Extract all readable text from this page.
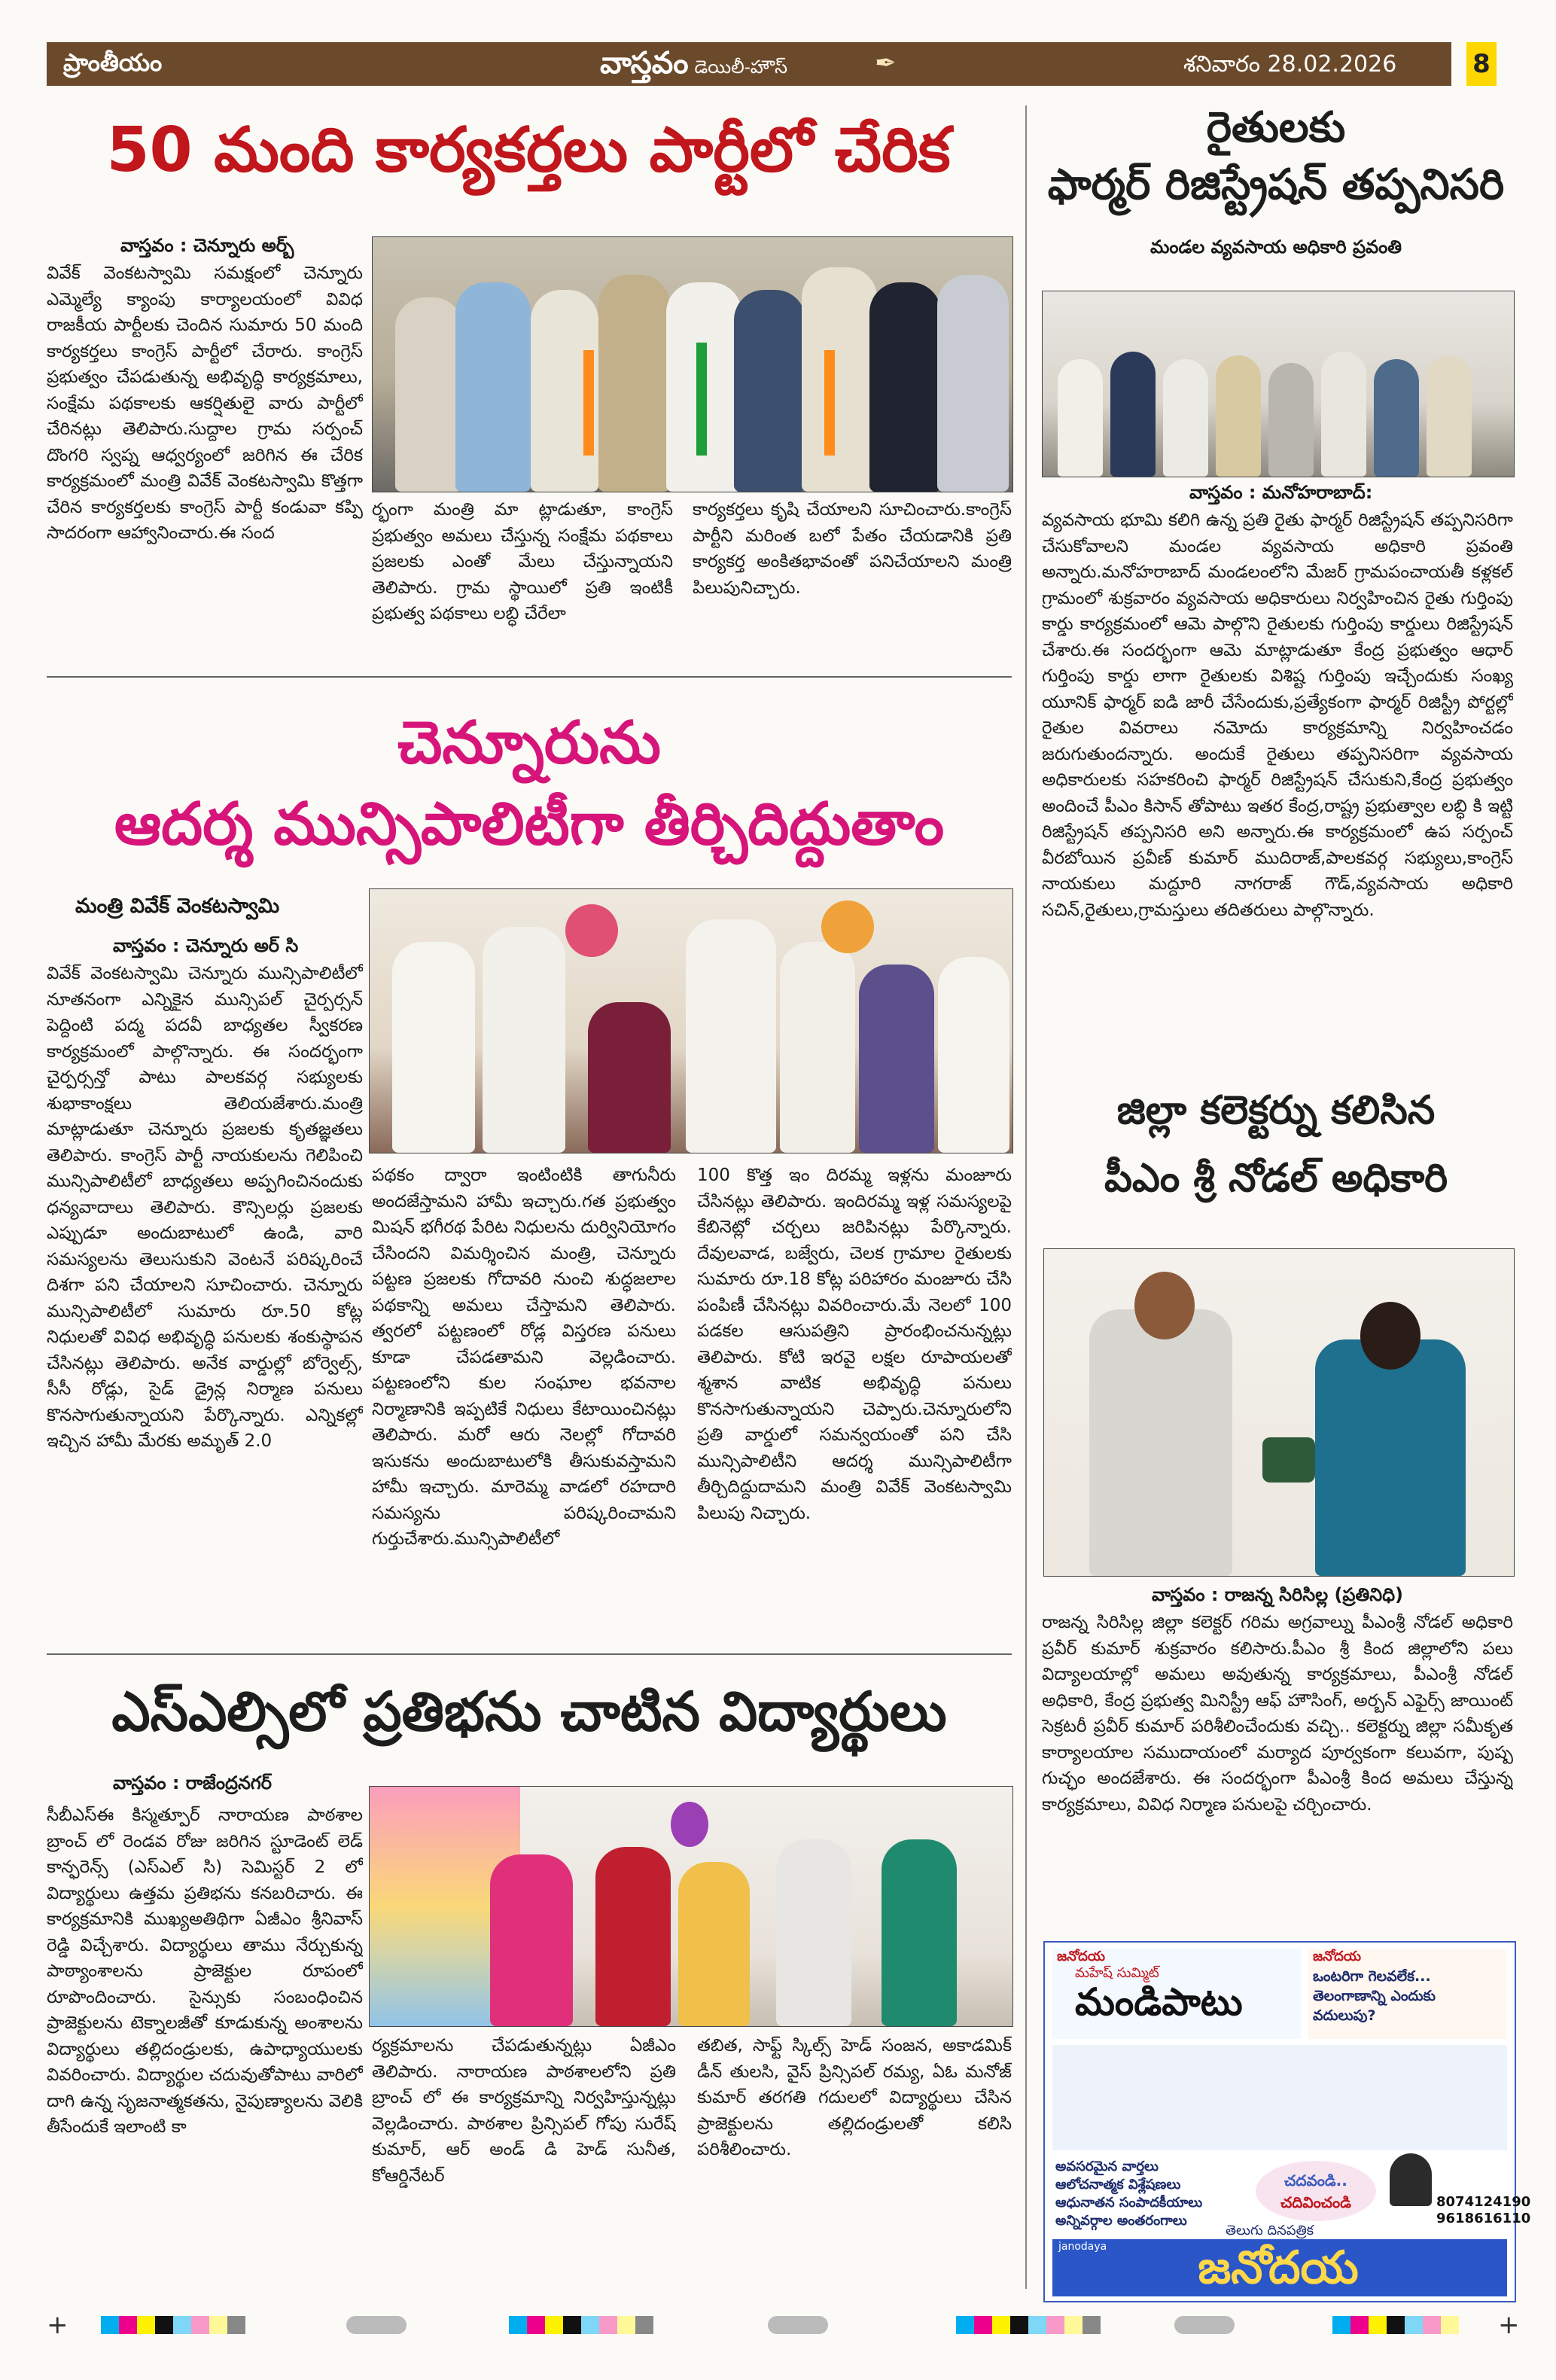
ప్రాంతీయం	వాస్తవం డెయిలీ-హౌస్	✒	శనివారం 28.02.2026	8
50 మంది కార్యకర్తలు పార్టీలో చేరిక
వాస్తవం : చెన్నూరు అర్బ్
వివేక్ వెంకటస్వామి సమక్షంలో చెన్నూరు ఎమ్మెల్యే క్యాంపు కార్యాలయంలో వివిధ రాజకీయ పార్టీలకు చెందిన సుమారు 50 మంది కార్యకర్తలు కాంగ్రెస్ పార్టీలో చేరారు. కాంగ్రెస్ ప్రభుత్వం చేపడుతున్న అభివృద్ధి కార్యక్రమాలు, సంక్షేమ పథకాలకు ఆకర్షితులై వారు పార్టీలో చేరినట్లు తెలిపారు.సుద్దాల గ్రామ సర్పంచ్ దొంగరి స్వప్న ఆధ్వర్యంలో జరిగిన ఈ చేరిక కార్యక్రమంలో మంత్రి వివేక్ వెంకటస్వామి కొత్తగా చేరిన కార్యకర్తలకు కాంగ్రెస్ పార్టీ కండువా కప్పి సాదరంగా ఆహ్వానించారు.ఈ సంద
ర్భంగా మంత్రి మా ట్లాడుతూ, కాంగ్రెస్ ప్రభుత్వం అమలు చేస్తున్న సంక్షేమ పథకాలు ప్రజలకు ఎంతో మేలు చేస్తున్నాయని తెలిపారు. గ్రామ స్థాయిలో ప్రతి ఇంటికీ ప్రభుత్వ పథకాలు లబ్ధి చేరేలా
కార్యకర్తలు కృషి చేయాలని సూచించారు.కాంగ్రెస్ పార్టీని మరింత బలో పేతం చేయడానికి ప్రతి కార్యకర్త అంకితభావంతో పనిచేయాలని మంత్రి పిలుపునిచ్చారు.
చెన్నూరును
ఆదర్శ మున్సిపాలిటీగా తీర్చిదిద్దుతాం
మంత్రి వివేక్ వెంకటస్వామి
వాస్తవం : చెన్నూరు అర్ సి
వివేక్ వెంకటస్వామి చెన్నూరు మున్సిపాలిటీలో నూతనంగా ఎన్నికైన మున్సిపల్ చైర్పర్సన్ పెద్దింటి పద్మ పదవీ బాధ్యతల స్వీకరణ కార్యక్రమంలో పాల్గొన్నారు. ఈ సందర్భంగా చైర్పర్సన్తో పాటు పాలకవర్గ సభ్యులకు శుభాకాంక్షలు తెలియజేశారు.మంత్రి మాట్లాడుతూ చెన్నూరు ప్రజలకు కృతజ్ఞతలు తెలిపారు. కాంగ్రెస్ పార్టీ నాయకులను గెలిపించి మున్సిపాలిటీలో బాధ్యతలు అప్పగించినందుకు ధన్యవాదాలు తెలిపారు. కౌన్సిలర్లు ప్రజలకు ఎప్పుడూ అందుబాటులో ఉండి, వారి సమస్యలను తెలుసుకుని వెంటనే పరిష్కరించే దిశగా పని చేయాలని సూచించారు. చెన్నూరు మున్సిపాలిటీలో సుమారు రూ.50 కోట్ల నిధులతో వివిధ అభివృద్ధి పనులకు శంకుస్థాపన చేసినట్లు తెలిపారు. అనేక వార్డుల్లో బోర్వెల్స్, సీసీ రోడ్లు, సైడ్ డ్రైన్ల నిర్మాణ పనులు కొనసాగుతున్నాయని పేర్కొన్నారు. ఎన్నికల్లో ఇచ్చిన హామీ మేరకు అమృత్ 2.0
పథకం ద్వారా ఇంటింటికి తాగునీరు అందజేస్తామని హామీ ఇచ్చారు.గత ప్రభుత్వం మిషన్ భగీరథ పేరిట నిధులను దుర్వినియోగం చేసిందని విమర్శించిన మంత్రి, చెన్నూరు పట్టణ ప్రజలకు గోదావరి నుంచి శుద్ధజలాల పథకాన్ని అమలు చేస్తామని తెలిపారు. త్వరలో పట్టణంలో రోడ్ల విస్తరణ పనులు కూడా చేపడతామని వెల్లడించారు. పట్టణంలోని కుల సంఘాల భవనాల నిర్మాణానికి ఇప్పటికే నిధులు కేటాయించినట్లు తెలిపారు. మరో ఆరు నెలల్లో గోదావరి ఇసుకను అందుబాటులోకి తీసుకువస్తామని హామీ ఇచ్చారు. మారెమ్మ వాడలో రహదారి సమస్యను పరిష్కరించామని గుర్తుచేశారు.మున్సిపాలిటీలో
100 కొత్త ఇం దిరమ్మ ఇళ్లను మంజూరు చేసినట్లు తెలిపారు. ఇందిరమ్మ ఇళ్ల సమస్యలపై కేబినెట్లో చర్చలు జరిపినట్లు పేర్కొన్నారు. దేవులవాడ, బజ్వేరు, చెలక గ్రామాల రైతులకు సుమారు రూ.18 కోట్ల పరిహారం మంజూరు చేసి పంపిణీ చేసినట్లు వివరించారు.మే నెలలో 100 పడకల ఆసుపత్రిని ప్రారంభించనున్నట్లు తెలిపారు. కోటి ఇరవై లక్షల రూపాయలతో శ్మశాన వాటిక అభివృద్ధి పనులు కొనసాగుతున్నాయని చెప్పారు.చెన్నూరులోని ప్రతి వార్డులో సమన్వయంతో పని చేసి మున్సిపాలిటీని ఆదర్శ మున్సిపాలిటీగా తీర్చిదిద్దుదామని మంత్రి వివేక్ వెంకటస్వామి పిలుపు నిచ్చారు.
ఎస్ఎల్సిలో ప్రతిభను చాటిన విద్యార్థులు
వాస్తవం : రాజేంద్రనగర్
సీబీఎస్ఈ కిస్మత్పూర్ నారాయణ పాఠశాల బ్రాంచ్ లో రెండవ రోజు జరిగిన స్టూడెంట్ లెడ్ కాన్ఫరెన్స్ (ఎస్ఎల్ సి) సెమిస్టర్ 2 లో విద్యార్థులు ఉత్తమ ప్రతిభను కనబరిచారు. ఈ కార్యక్రమానికి ముఖ్యఅతిథిగా ఏజీఎం శ్రీనివాస్ రెడ్డి విచ్చేశారు. విద్యార్థులు తాము నేర్చుకున్న పాఠ్యాంశాలను ప్రాజెక్టుల రూపంలో రూపొందించారు. సైన్సుకు సంబంధించిన ప్రాజెక్టులను టెక్నాలజీతో కూడుకున్న అంశాలను విద్యార్థులు తల్లిదండ్రులకు, ఉపాధ్యాయులకు వివరించారు. విద్యార్థుల చదువుతోపాటు వారిలో దాగి ఉన్న సృజనాత్మకతను, నైపుణ్యాలను వెలికి తీసేందుకే ఇలాంటి కా
ర్యక్రమాలను చేపడుతున్నట్లు ఏజీఎం తెలిపారు. నారాయణ పాఠశాలలోని ప్రతి బ్రాంచ్ లో ఈ కార్యక్రమాన్ని నిర్వహిస్తున్నట్లు వెల్లడించారు. పాఠశాల ప్రిన్సిపల్ గోపు సురేష్ కుమార్, ఆర్ అండ్ డి హెడ్ సునీత, కోఆర్డినేటర్
తబిత, సాఫ్ట్ స్కిల్స్ హెడ్ సంజన, అకాడమిక్ డీన్ తులసి, వైస్ ప్రిన్సిపల్ రమ్య, ఏఓ మనోజ్ కుమార్ తరగతి గదులలో విద్యార్థులు చేసిన ప్రాజెక్టులను తల్లిదండ్రులతో కలిసి పరిశీలించారు.
రైతులకు
ఫార్మర్ రిజిస్ట్రేషన్ తప్పనిసరి
మండల వ్యవసాయ అధికారి ప్రవంతి
వాస్తవం : మనోహరాబాద్:
వ్యవసాయ భూమి కలిగి ఉన్న ప్రతి రైతు ఫార్మర్ రిజిస్ట్రేషన్ తప్పనిసరిగా చేసుకోవాలని మండల వ్యవసాయ అధికారి ప్రవంతి అన్నారు.మనోహరాబాద్ మండలంలోని మేజర్ గ్రామపంచాయతీ కళ్లకల్ గ్రామంలో శుక్రవారం వ్యవసాయ అధికారులు నిర్వహించిన రైతు గుర్తింపు కార్డు కార్యక్రమంలో ఆమె పాల్గొని రైతులకు గుర్తింపు కార్డులు రిజిస్ట్రేషన్ చేశారు.ఈ సందర్భంగా ఆమె మాట్లాడుతూ కేంద్ర ప్రభుత్వం ఆధార్ గుర్తింపు కార్డు లాగా రైతులకు విశిష్ట గుర్తింపు ఇచ్చేందుకు సంఖ్య యూనిక్ ఫార్మర్ ఐడి జారీ చేసేందుకు,ప్రత్యేకంగా ఫార్మర్ రిజిస్ట్రీ పోర్టల్లో రైతుల వివరాలు నమోదు కార్యక్రమాన్ని నిర్వహించడం జరుగుతుందన్నారు. అందుకే రైతులు తప్పనిసరిగా వ్యవసాయ అధికారులకు సహకరించి ఫార్మర్ రిజిస్ట్రేషన్ చేసుకుని,కేంద్ర ప్రభుత్వం అందించే పీఎం కిసాన్ తోపాటు ఇతర కేంద్ర,రాష్ట్ర ప్రభుత్వాల లబ్ధి కి ఇట్టి రిజిస్ట్రేషన్ తప్పనిసరి అని అన్నారు.ఈ కార్యక్రమంలో ఉప సర్పంచ్ వీరబోయిన ప్రవీణ్ కుమార్ ముదిరాజ్,పాలకవర్గ సభ్యులు,కాంగ్రెస్ నాయకులు మద్దూరి నాగరాజ్ గౌడ్,వ్యవసాయ అధికారి సచిన్,రైతులు,గ్రామస్తులు తదితరులు పాల్గొన్నారు.
జిల్లా కలెక్టర్ను కలిసిన
పీఎం శ్రీ నోడల్ అధికారి
వాస్తవం : రాజన్న సిరిసిల్ల (ప్రతినిధి)
రాజన్న సిరిసిల్ల జిల్లా కలెక్టర్ గరిమ అగ్రవాల్ను పీఎంశ్రీ నోడల్ అధికారి ప్రవీర్ కుమార్ శుక్రవారం కలిసారు.పీఎం శ్రీ కింద జిల్లాలోని పలు విద్యాలయాల్లో అమలు అవుతున్న కార్యక్రమాలు, పీఎంశ్రీ నోడల్ అధికారి, కేంద్ర ప్రభుత్వ మినిస్ట్రీ ఆఫ్ హౌసింగ్, అర్బన్ ఎఫైర్స్ జాయింట్ సెక్రటరీ ప్రవీర్ కుమార్ పరిశీలించేందుకు వచ్చి.. కలెక్టర్ను జిల్లా సమీకృత కార్యాలయాల సముదాయంలో మర్యాద పూర్వకంగా కలువగా, పుష్ప గుచ్ఛం అందజేశారు. ఈ సందర్భంగా పీఎంశ్రీ కింద అమలు చేస్తున్న కార్యక్రమాలు, వివిధ నిర్మాణ పనులపై చర్చించారు.
జనోదయ
మహేష్ సుమ్మిట్
మండిపాటు
జనోదయ
ఒంటరిగా గెలవలేక... తెలంగాణాన్ని ఎందుకు వదులుపు?
అవసరమైన వార్తలు
ఆలోచనాత్మక విశ్లేషణలు
ఆధునాతన సంపాదకీయాలు
అన్నివర్గాల అంతరంగాలు
చదవండి..
చదివించండి	8074124190
9618616110
తెలుగు దినపత్రిక
janodaya	జనోదయ
+	+
